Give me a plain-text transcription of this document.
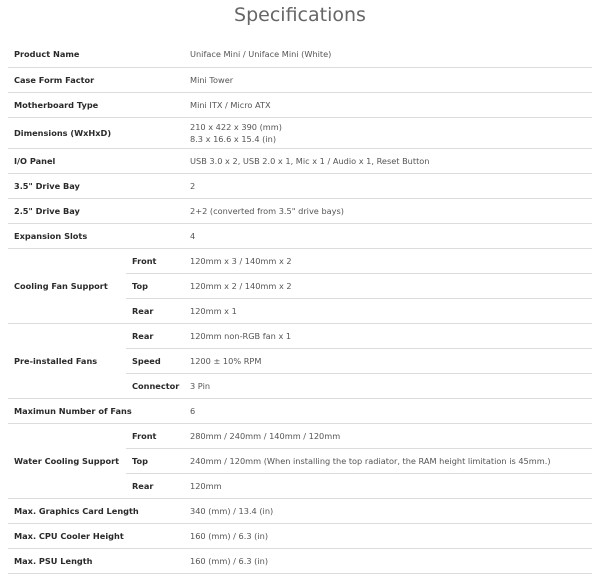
Specifications
Product Name		Uniface Mini / Uniface Mini (White)
Case Form Factor		Mini Tower
Motherboard Type		Mini ITX / Micro ATX
Dimensions (WxHxD)		210 x 422 x 390 (mm)
8.3 x 16.6 x 15.4 (in)

I/O Panel		USB 3.0 x 2, USB 2.0 x 1, Mic x 1 / Audio x 1, Reset Button
3.5" Drive Bay		2
2.5" Drive Bay		2+2 (converted from 3.5" drive bays)
Expansion Slots		4
Cooling Fan Support	Front	120mm x 3 / 140mm x 2
	Top	120mm x 2 / 140mm x 2
	Rear	120mm x 1
Pre-installed Fans	Rear	120mm non-RGB fan x 1
	Speed	1200 ± 10% RPM
	Connector	3 Pin
Maximun Number of Fans		6
Water Cooling Support	Front	280mm / 240mm / 140mm / 120mm
	Top	240mm / 120mm (When installing the top radiator, the RAM height limitation is 45mm.)
	Rear	120mm
Max. Graphics Card Length		340 (mm) / 13.4 (in)
Max. CPU Cooler Height		160 (mm) / 6.3 (in)
Max. PSU Length		160 (mm) / 6.3 (in)
